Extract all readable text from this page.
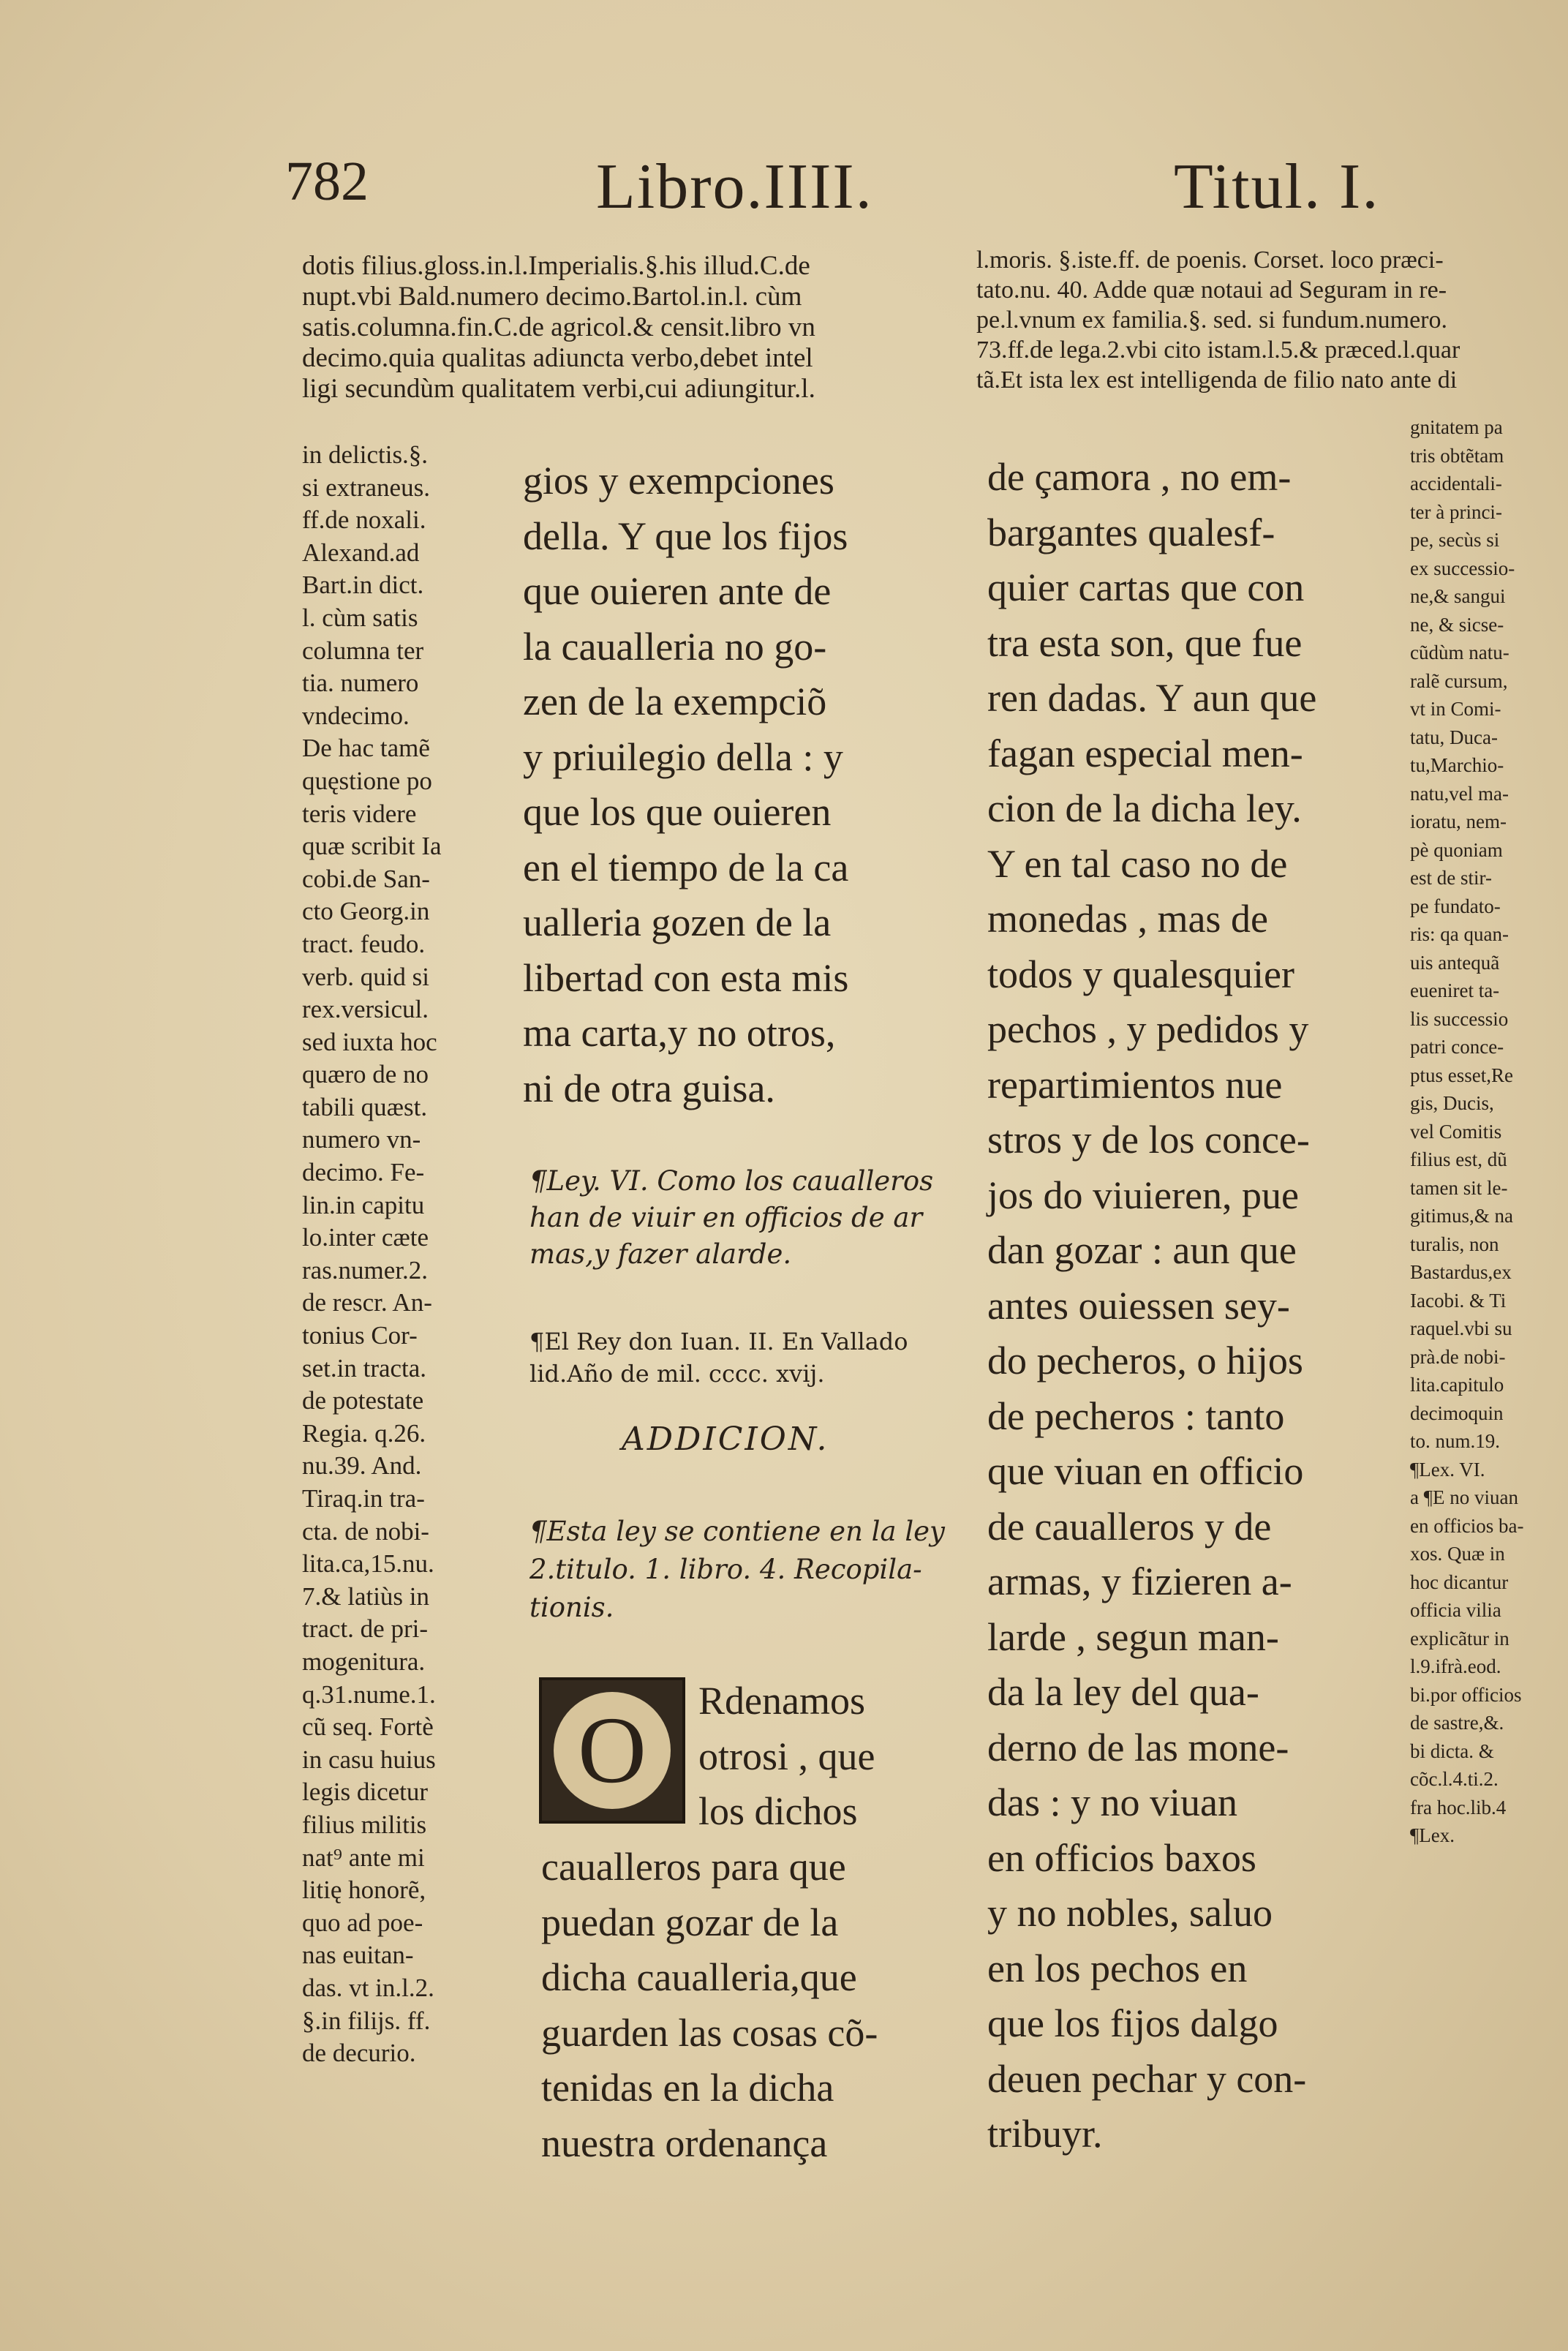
782	Libro.IIII.	Titul. I.

dotis filius.gloss.in.l.Imperialis.§.his illud.C.de

nupt.vbi Bald.numero decimo.Bartol.in.l. cùm

satis.columna.fin.C.de agricol.& censit.libro vn

decimo.quia qualitas adiuncta verbo,debet intel

ligi secundùm qualitatem verbi,cui adiungitur.l.

l.moris. §.iste.ff. de poenis. Corset. loco præci-

tato.nu. 40. Adde quæ notaui ad Seguram in re-

pe.l.vnum ex familia.§. sed. si fundum.numero.

73.ff.de lega.2.vbi cito istam.l.5.& præced.l.quar

tã.Et ista lex est intelligenda de filio nato ante di

in delictis.§.

si extraneus.

ff.de noxali.

Alexand.ad

Bart.in dict.

l. cùm satis

columna ter

tia. numero

vndecimo.

De hac tamẽ

quęstione po

teris videre

quæ scribit Ia

cobi.de San-

cto Georg.in

tract. feudo.

verb. quid si

rex.versicul.

sed iuxta hoc

quæro de no

tabili quæst.

numero vn-

decimo. Fe-

lin.in capitu

lo.inter cæte

ras.numer.2.

de rescr. An-

tonius Cor-

set.in tracta.

de potestate

Regia. q.26.

nu.39. And.

Tiraq.in tra-

cta. de nobi-

lita.ca,15.nu.

7.& latiùs in

tract. de pri-

mogenitura.

q.31.nume.1.

cũ seq. Fortè

in casu huius

legis dicetur

filius militis

nat⁹ ante mi

litię honorẽ,

quo ad poe-

nas euitan-

das. vt in.l.2.

§.in filijs. ff.

de decurio.

gnitatem pa

tris obtẽtam

accidentali-

ter à princi-

pe, secùs si

ex successio-

ne,& sangui

ne, & sicse-

cũdùm natu-

ralẽ cursum,

vt in Comi-

tatu, Duca-

tu,Marchio-

natu,vel ma-

ioratu, nem-

pè quoniam

est de stir-

pe fundato-

ris: qa quan-

uis antequã

eueniret ta-

lis successio

patri conce-

ptus esset,Re

gis, Ducis,

vel Comitis

filius est, dũ

tamen sit le-

gitimus,& na

turalis, non

Bastardus,ex

Iacobi. & Ti

raquel.vbi su

prà.de nobi-

lita.capitulo

decimoquin

to. num.19.

¶Lex. VI.

a ¶E no viuan

en officios ba-

xos. Quæ in

hoc dicantur

officia vilia

explicãtur in

l.9.ifrà.eod.

bi.por officios

de sastre,&.

bi dicta. &

cõc.l.4.ti.2.

fra hoc.lib.4

¶Lex.

gios y exempciones

della. Y que los fijos

que ouieren ante de

la caualleria no go-

zen de la exempciõ

y priuilegio della : y

que los que ouieren

en el tiempo de la ca

ualleria gozen de la

libertad con esta mis

ma carta,y no otros,

ni de otra guisa.

¶Ley. VI. Como los caualleros

han de viuir en officios de ar

mas,y fazer alarde.

¶El Rey don Iuan. II. En Vallado

lid.Año de mil. cccc. xvij.

ADDICION.

¶Esta ley se contiene en la ley

2.titulo. 1. libro. 4. Recopila-

tionis.

O	Rdenamos

otrosi , que

los dichos

caualleros para que

puedan gozar de la

dicha caualleria,que

guarden las cosas cõ-

tenidas en la dicha

nuestra ordenança

de çamora , no em-

bargantes qualesf-

quier cartas que con

tra esta son, que fue

ren dadas. Y aun que

fagan especial men-

cion de la dicha ley.

Y en tal caso no de

monedas , mas de

todos y qualesquier

pechos , y pedidos y

repartimientos nue

stros y de los conce-

jos do viuieren, pue

dan gozar : aun que

antes ouiessen sey-

do pecheros, o hijos

de pecheros : tanto

que viuan en officio

de caualleros y de

armas, y fizieren a-

larde , segun man-

da la ley del qua-

derno de las mone-

das : y no viuan

en officios baxos

y no nobles, saluo

en los pechos en

que los fijos dalgo

deuen pechar y con-

tribuyr.
